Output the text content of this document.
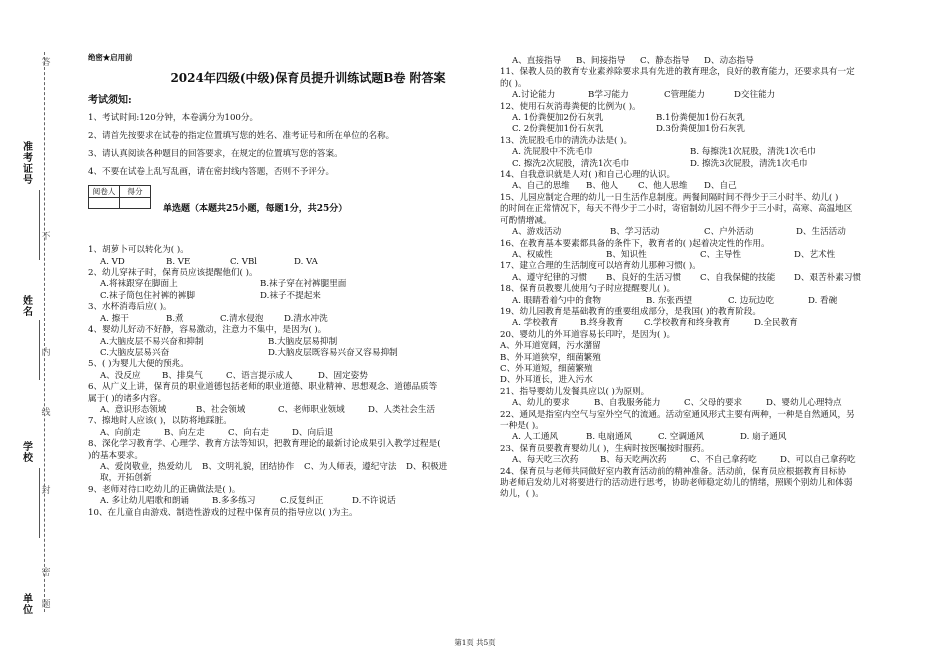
答
准考证号
不
姓名
内
线
学校
封
密
单位 题
绝密★启用前
2024年四级(中级)保育员提升训练试题B卷 附答案
考试须知:
1、考试时间:120分钟，本卷满分为100分。
2、请首先按要求在试卷的指定位置填写您的姓名、准考证号和所在单位的名称。
3、请认真阅读各种题目的回答要求，在规定的位置填写您的答案。
4、不要在试卷上乱写乱画，请在密封线内答题，否则不予评分。
阅卷人	得分

单选题（本题共25小题，每题1分，共25分）
1、胡萝卜可以转化为( )。
A. VD	B. VE	C. VBl	D. VA
2、幼儿穿袜子时，保育员应该提醒他们( )。
A.将袜跟穿在脚面上	B.袜子穿在衬裤腿里面
C.袜子筒包住衬裤的裤脚	D.袜子不提起来
3、水杯消毒后应( )。
A. 擦干	B.煮	C.清水侵泡	D.清水冲洗
4、婴幼儿好动不好静，容易激动，注意力不集中，是因为( )。
A.大脑皮层不易兴奋和抑制	B.大脑皮层易抑制
C.大脑皮层易兴奋	D.大脑皮层既容易兴奋又容易抑制
5、( )为婴儿大便的预兆。
A、没反应	B、排臭气	C、语言提示成人	D、固定姿势
6、从广义上讲，保育员的职业道德包括老师的职业道德、职业精神、思想观念、道德品质等
属于( )的诸多内容。
A、意识形态领域	B、社会领域	C、老师职业领域	D、人类社会生活
7、擦地时人应该( )，以防将地踩脏。
A、向前走	B、向左走	C、向右走	D、向后退
8、深化学习教育学、心理学、教育方法等知识，把教育理论的最新讨论成果引入教学过程是(
)的基本要求。
A、爱岗敬业，热爱幼儿	B、文明礼貌，团结协作	C、为人师表，遵纪守法	D、积极进
取，开拓创新
9、老师对待口吃幼儿的正确做法是( )。
A. 多让幼儿唱歌和朗诵	B.多多练习	C.反复纠正	D.不许说话
10、在儿童自由游戏、制造性游戏的过程中保育员的指导应以( )为主。
A、直接指导	B、间接指导	C、静态指导	D、动态指导
11、保教人员的教育专业素养除要求具有先进的教育理念，良好的教育能力，还要求具有一定
的( )。
A.讨论能力	B学习能力	C管理能力	D交往能力
12、使用石灰消毒粪便的比例为( )。
A. 1份粪便加2份石灰乳	B.1份粪便加1份石灰乳
C. 2份粪便加1份石灰乳	D.3份粪便加1份石灰乳
13、洗屁股毛巾的清洗办法是( )。
A. 洗屁股中不洗毛巾	B. 每擦洗1次屁股，清洗1次毛巾
C. 擦洗2次屁股，清洗1次毛巾	D. 擦洗3次屁股，清洗1次毛巾
14、自我意识就是人对( )和自己心理的认识。
A、自己的思维	B、他人	C、他人思维	D、自己
15、儿园应制定合理的幼儿一日生活作息制度。两餐间隔时间不得少于三小时半、幼儿( )
的时间在正常情况下，每天不得少于二小时，寄宿制幼儿园不得少于三小时，高寒、高温地区
可酌情增减。
A、游戏活动	B、学习活动	C、户外活动	D、生活活动
16、在教育基本要素都具备的条件下，教育者的( )起着决定性的作用。
A、权威性	B、知识性	C、主导性	D、艺术性
17、建立合理的生活制度可以培育幼儿那种习惯( )。
A、遵守纪律的习惯	B、良好的生活习惯	C、自我保健的技能	D、艰苦朴素习惯
18、保育员教婴儿使用勺子时应提醒婴儿( )。
A. 眼睛看着勺中的食物	B. 东张西望	C. 边玩边吃	D. 看碗
19、幼儿园教育是基础教育的重要组成部分，是我国( )的教育阶段。
A. 学校教育	B.终身教育	C.学校教育和终身教育	D.全民教育
20、婴幼儿的外耳道容易长印咛，是因为( )。
A、外耳道宽阔，污水潴留
B、外耳道狭窄，细菌繁殖
C、外耳道短，细菌繁殖
D、外耳道长，进入污水
21、指导婴幼儿发餐具应以( )为原则。
A、幼儿的要求	B、自我服务能力	C、父母的要求	D、婴幼儿心理特点
22、通风是指室内空气与室外空气的流通。活动室通风形式主要有两种，一种是自然通风，另
一种是( )。
A. 人工通风	B. 电扇通风	C. 空调通风	D. 扇子通风
23、保育员要教育婴幼儿( )，生病时按医嘱按时服药。
A、每天吃三次药	B、每天吃两次药	C、不自己拿药吃	D、可以自己拿药吃
24、保育员与老师共同做好室内教育活动前的精神准备。活动前，保育员应根据教育目标协
助老师启发幼儿对将要进行的活动进行思考，协助老师稳定幼儿的情绪，照顾个别幼儿和体弱
幼儿，( )。
第1页 共5页
